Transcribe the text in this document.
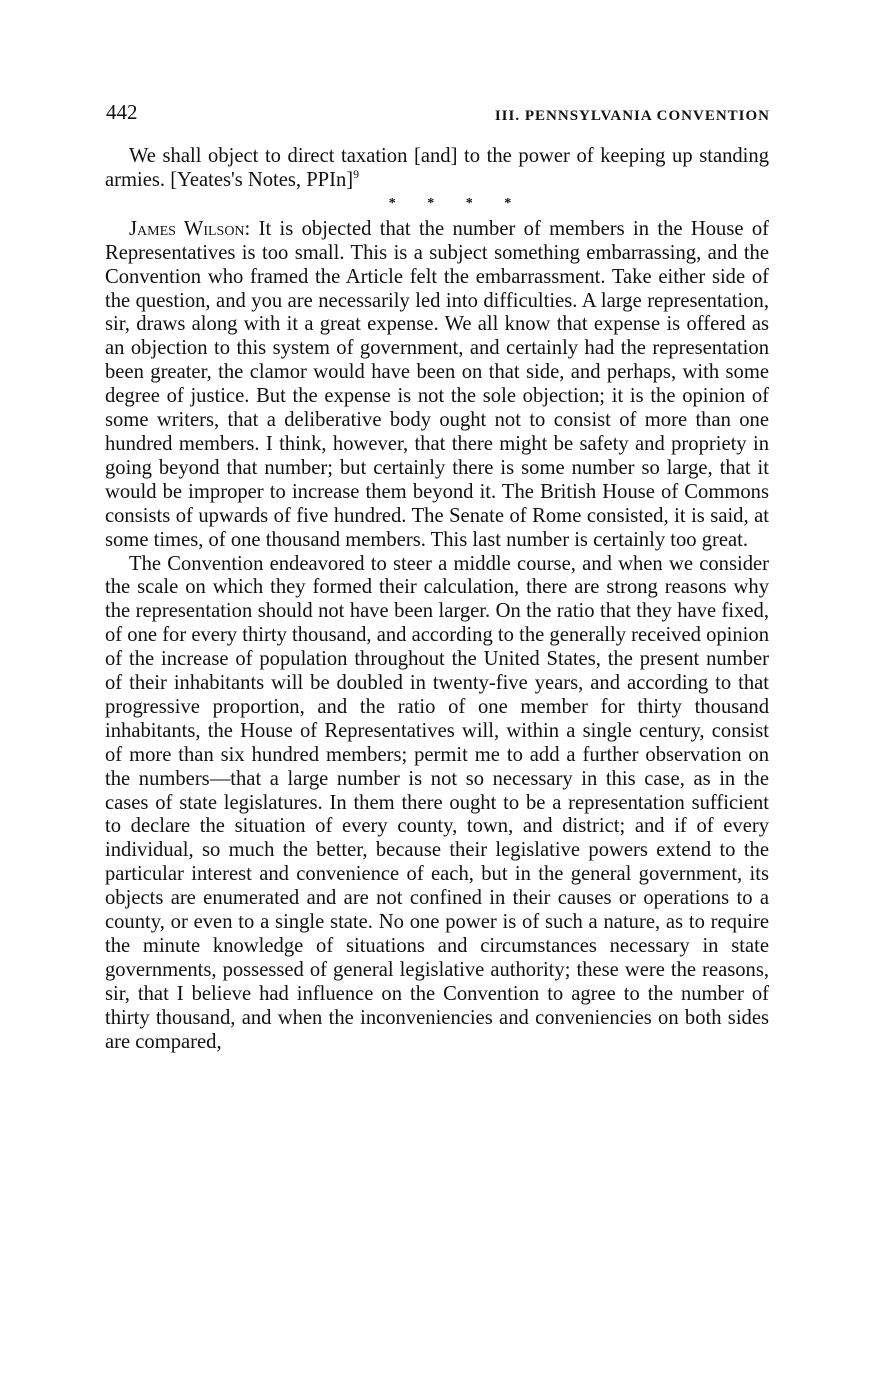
442	III. PENNSYLVANIA CONVENTION

We shall object to direct taxation [and] to the power of keeping up standing armies. [Yeates's Notes, PPIn]$^9$

* * * *

James Wilson: It is objected that the number of members in the House of Representatives is too small. This is a subject something embarrassing, and the Convention who framed the Article felt the embarrassment. Take either side of the question, and you are necessarily led into difficulties. A large representation, sir, draws along with it a great expense. We all know that expense is offered as an objection to this system of government, and certainly had the representation been greater, the clamor would have been on that side, and perhaps, with some degree of justice. But the expense is not the sole objection; it is the opinion of some writers, that a deliberative body ought not to consist of more than one hundred members. I think, however, that there might be safety and propriety in going beyond that number; but certainly there is some number so large, that it would be improper to increase them beyond it. The British House of Commons consists of upwards of five hundred. The Senate of Rome consisted, it is said, at some times, of one thousand members. This last number is certainly too great.

The Convention endeavored to steer a middle course, and when we consider the scale on which they formed their calculation, there are strong reasons why the representation should not have been larger. On the ratio that they have fixed, of one for every thirty thousand, and according to the generally received opinion of the increase of population throughout the United States, the present number of their inhabitants will be doubled in twenty-five years, and according to that progressive proportion, and the ratio of one member for thirty thousand inhabitants, the House of Representatives will, within a single century, consist of more than six hundred members; permit me to add a further observation on the numbers—that a large number is not so necessary in this case, as in the cases of state legislatures. In them there ought to be a representation sufficient to declare the situation of every county, town, and district; and if of every individual, so much the better, because their legislative powers extend to the particular interest and convenience of each, but in the general government, its objects are enumerated and are not confined in their causes or operations to a county, or even to a single state. No one power is of such a nature, as to require the minute knowledge of situations and circumstances necessary in state governments, possessed of general legislative authority; these were the reasons, sir, that I believe had influence on the Convention to agree to the number of thirty thousand, and when the inconveniencies and conveniencies on both sides are compared,
